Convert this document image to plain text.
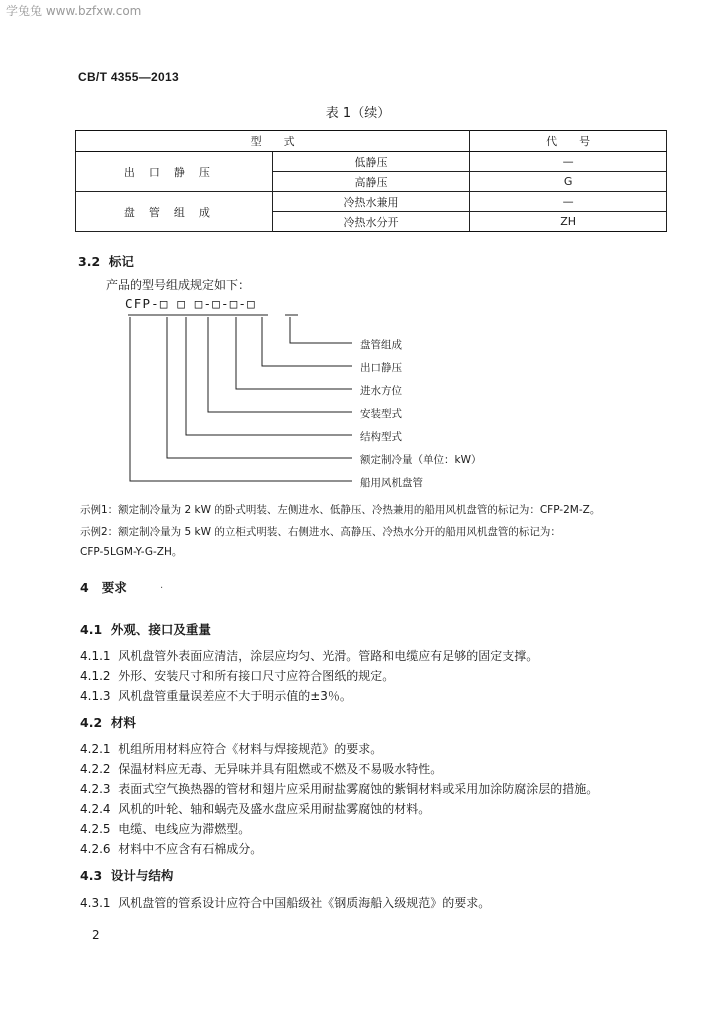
学兔兔 www.bzfxw.com
CB/T 4355—2013
表 1（续）
型　　式		代　　号
出口静压	低静压	—
	高静压	G
盘管组成	冷热水兼用	—
	冷热水分开	ZH
3.2 标记
产品的型号组成规定如下：
CFP-□ □ □-□-□-□
盘管组成
出口静压
进水方位
安装型式
结构型式
额定制冷量（单位：kW）
船用风机盘管
示例1：额定制冷量为 2 kW 的卧式明装、左侧进水、低静压、冷热兼用的船用风机盘管的标记为：CFP-2M-Z。
示例2：额定制冷量为 5 kW 的立柜式明装、右侧进水、高静压、冷热水分开的船用风机盘管的标记为：
CFP-5LGM-Y-G-ZH。
4 要求	.
4.1 外观、接口及重量
4.1.1 风机盘管外表面应清洁，涂层应均匀、光滑。管路和电缆应有足够的固定支撑。
4.1.2 外形、安装尺寸和所有接口尺寸应符合图纸的规定。
4.1.3 风机盘管重量误差应不大于明示值的±3％。
4.2 材料
4.2.1 机组所用材料应符合《材料与焊接规范》的要求。
4.2.2 保温材料应无毒、无异味并具有阻燃或不燃及不易吸水特性。
4.2.3 表面式空气换热器的管材和翅片应采用耐盐雾腐蚀的紫铜材料或采用加涂防腐涂层的措施。
4.2.4 风机的叶轮、轴和蜗壳及盛水盘应采用耐盐雾腐蚀的材料。
4.2.5 电缆、电线应为滞燃型。
4.2.6 材料中不应含有石棉成分。
4.3 设计与结构
4.3.1 风机盘管的管系设计应符合中国船级社《钢质海船入级规范》的要求。
2
